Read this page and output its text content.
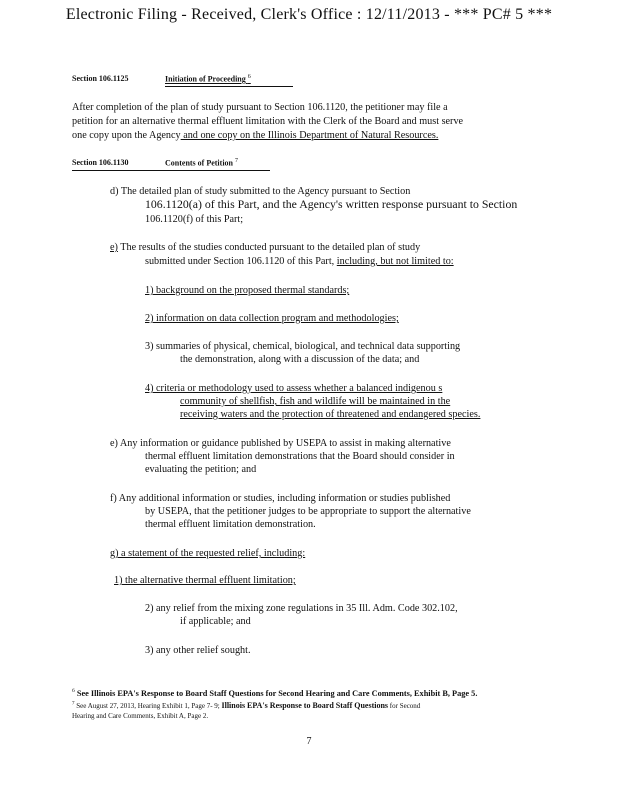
Electronic Filing - Received, Clerk's Office : 12/11/2013 - *** PC# 5 ***
Section 106.1125	Initiation of Proceeding $^6$
After completion of the plan of study pursuant to Section 106.1120, the petitioner may file a
petition for an alternative thermal effluent limitation with the Clerk of the Board and must serve
one copy upon the Agency and one copy on the Illinois Department of Natural Resources.
Section 106.1130	Contents of Petition $^7$
d) The detailed plan of study submitted to the Agency pursuant to Section
106.1120(a) of this Part, and the Agency's written response pursuant to Section
106.1120(f) of this Part;
e) The results of the studies conducted pursuant to the detailed plan of study
submitted under Section 106.1120 of this Part, including, but not limited to:
1) background on the proposed thermal standards;
2) information on data collection program and methodologies;
3) summaries of physical, chemical, biological, and technical data supporting
the demonstration, along with a discussion of the data; and
4) criteria or methodology used to assess whether a balanced indigenou s
community of shellfish, fish and wildlife will be maintained in the
receiving waters and the protection of threatened and endangered species.
e) Any information or guidance published by USEPA to assist in making alternative
thermal effluent limitation demonstrations that the Board should consider in
evaluating the petition; and
f) Any additional information or studies, including information or studies published
by USEPA, that the petitioner judges to be appropriate to support the alternative
thermal effluent limitation demonstration.
g) a statement of the requested relief, including:
1) the alternative thermal effluent limitation;
2) any relief from the mixing zone regulations in 35 Ill. Adm. Code 302.102,
if applicable; and
3) any other relief sought.
$^6$ See Illinois EPA's Response to Board Staff Questions for Second Hearing and Care Comments, Exhibit B, Page 5.
$^7$ See August 27, 2013, Hearing Exhibit 1, Page 7- 9; Illinois EPA's Response to Board Staff Questions for Second
Hearing and Care Comments, Exhibit A, Page 2.
7
